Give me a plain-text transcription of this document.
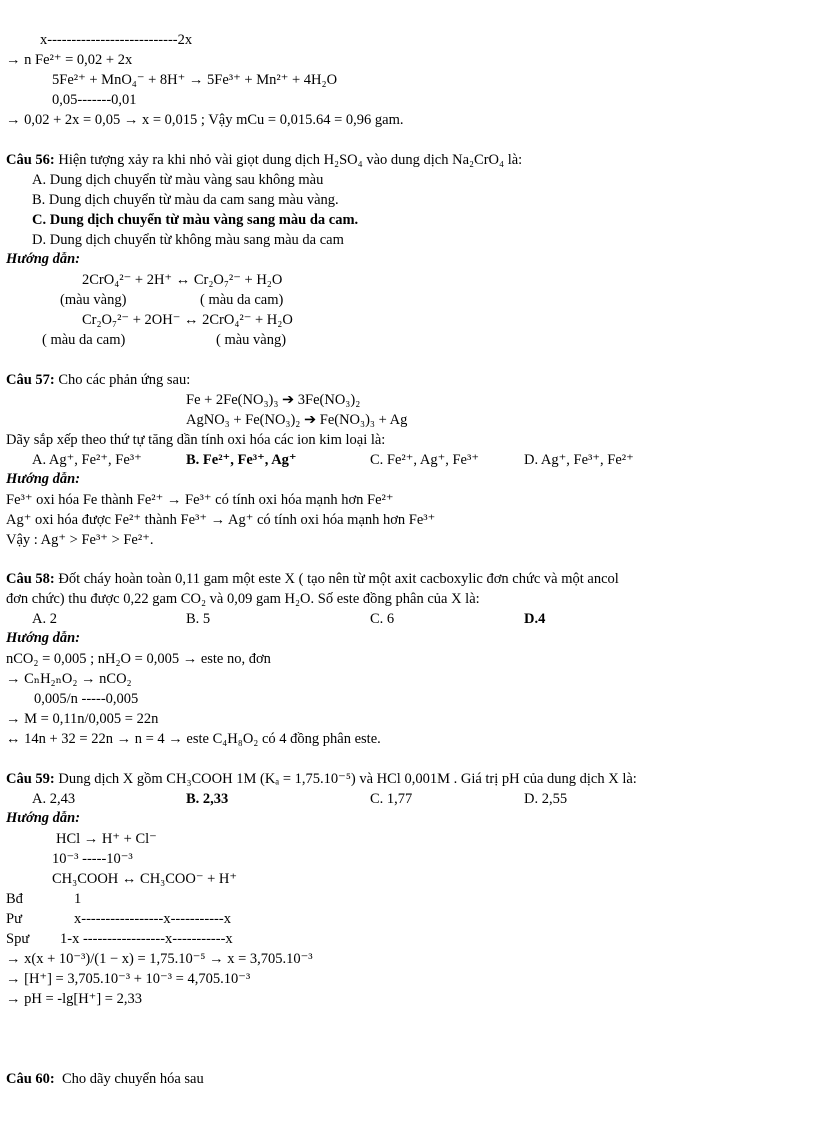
x---------------------------2x
→ n Fe²⁺ = 0,02 + 2x
5Fe²⁺ + MnO₄⁻ + 8H⁺ → 5Fe³⁺ + Mn²⁺ + 4H₂O
0,05-------0,01
→ 0,02 + 2x = 0,05 → x = 0,015 ; Vậy mCu = 0,015.64 = 0,96 gam.
Câu 56: Hiện tượng xảy ra khi nhỏ vài giọt dung dịch H₂SO₄ vào dung dịch Na₂CrO₄ là:
A. Dung dịch chuyển từ màu vàng sau không màu
B. Dung dịch chuyển từ màu da cam sang màu vàng.
C. Dung dịch chuyển từ màu vàng sang màu da cam.
D. Dung dịch chuyển từ không màu sang màu da cam
Hướng dẫn:
2CrO₄²⁻ + 2H⁺ ↔ Cr₂O₇²⁻ + H₂O
(màu vàng)	( màu da cam)
Cr₂O₇²⁻ + 2OH⁻ ↔ 2CrO₄²⁻ + H₂O
( màu da cam)	( màu vàng)
Câu 57: Cho các phản ứng sau:
Fe + 2Fe(NO₃)₃ ➔ 3Fe(NO₃)₂
AgNO₃ + Fe(NO₃)₂ ➔ Fe(NO₃)₃ + Ag
Dãy sắp xếp theo thứ tự tăng dần tính oxi hóa các ion kim loại là:
A. Ag⁺, Fe²⁺, Fe³⁺	B. Fe²⁺, Fe³⁺, Ag⁺	C. Fe²⁺, Ag⁺, Fe³⁺	D. Ag⁺, Fe³⁺, Fe²⁺
Hướng dẫn:
Fe³⁺ oxi hóa Fe thành Fe²⁺ → Fe³⁺ có tính oxi hóa mạnh hơn Fe²⁺
Ag⁺ oxi hóa được Fe²⁺ thành Fe³⁺ → Ag⁺ có tính oxi hóa mạnh hơn Fe³⁺
Vậy : Ag⁺ > Fe³⁺ > Fe²⁺.
Câu 58: Đốt cháy hoàn toàn 0,11 gam một este X ( tạo nên từ một axit cacboxylic đơn chức và một ancol
đơn chức) thu được 0,22 gam CO₂ và 0,09 gam H₂O. Số este đồng phân của X là:
A. 2	B. 5	C. 6	D.4
Hướng dẫn:
nCO₂ = 0,005 ; nH₂O = 0,005 → este no, đơn
→ CₙH₂ₙO₂ → nCO₂
0,005/n -----0,005
→ M = 0,11n/0,005 = 22n
↔ 14n + 32 = 22n → n = 4 → este C₄H₈O₂ có 4 đồng phân este.
Câu 59: Dung dịch X gồm CH₃COOH 1M (Kₐ = 1,75.10⁻⁵) và HCl 0,001M . Giá trị pH của dung dịch X là:
A. 2,43	B. 2,33	C. 1,77	D. 2,55
Hướng dẫn:
HCl → H⁺ + Cl⁻
10⁻³ -----10⁻³
CH₃COOH ↔ CH₃COO⁻ + H⁺
Bđ	1
Pư	x-----------------x-----------x
Spư 1-x -----------------x-----------x
→ x(x + 10⁻³)/(1 − x) = 1,75.10⁻⁵ → x = 3,705.10⁻³
→ [H⁺] = 3,705.10⁻³ + 10⁻³ = 4,705.10⁻³
→ pH = -lg[H⁺] = 2,33
Câu 60:  Cho dãy chuyển hóa sau
